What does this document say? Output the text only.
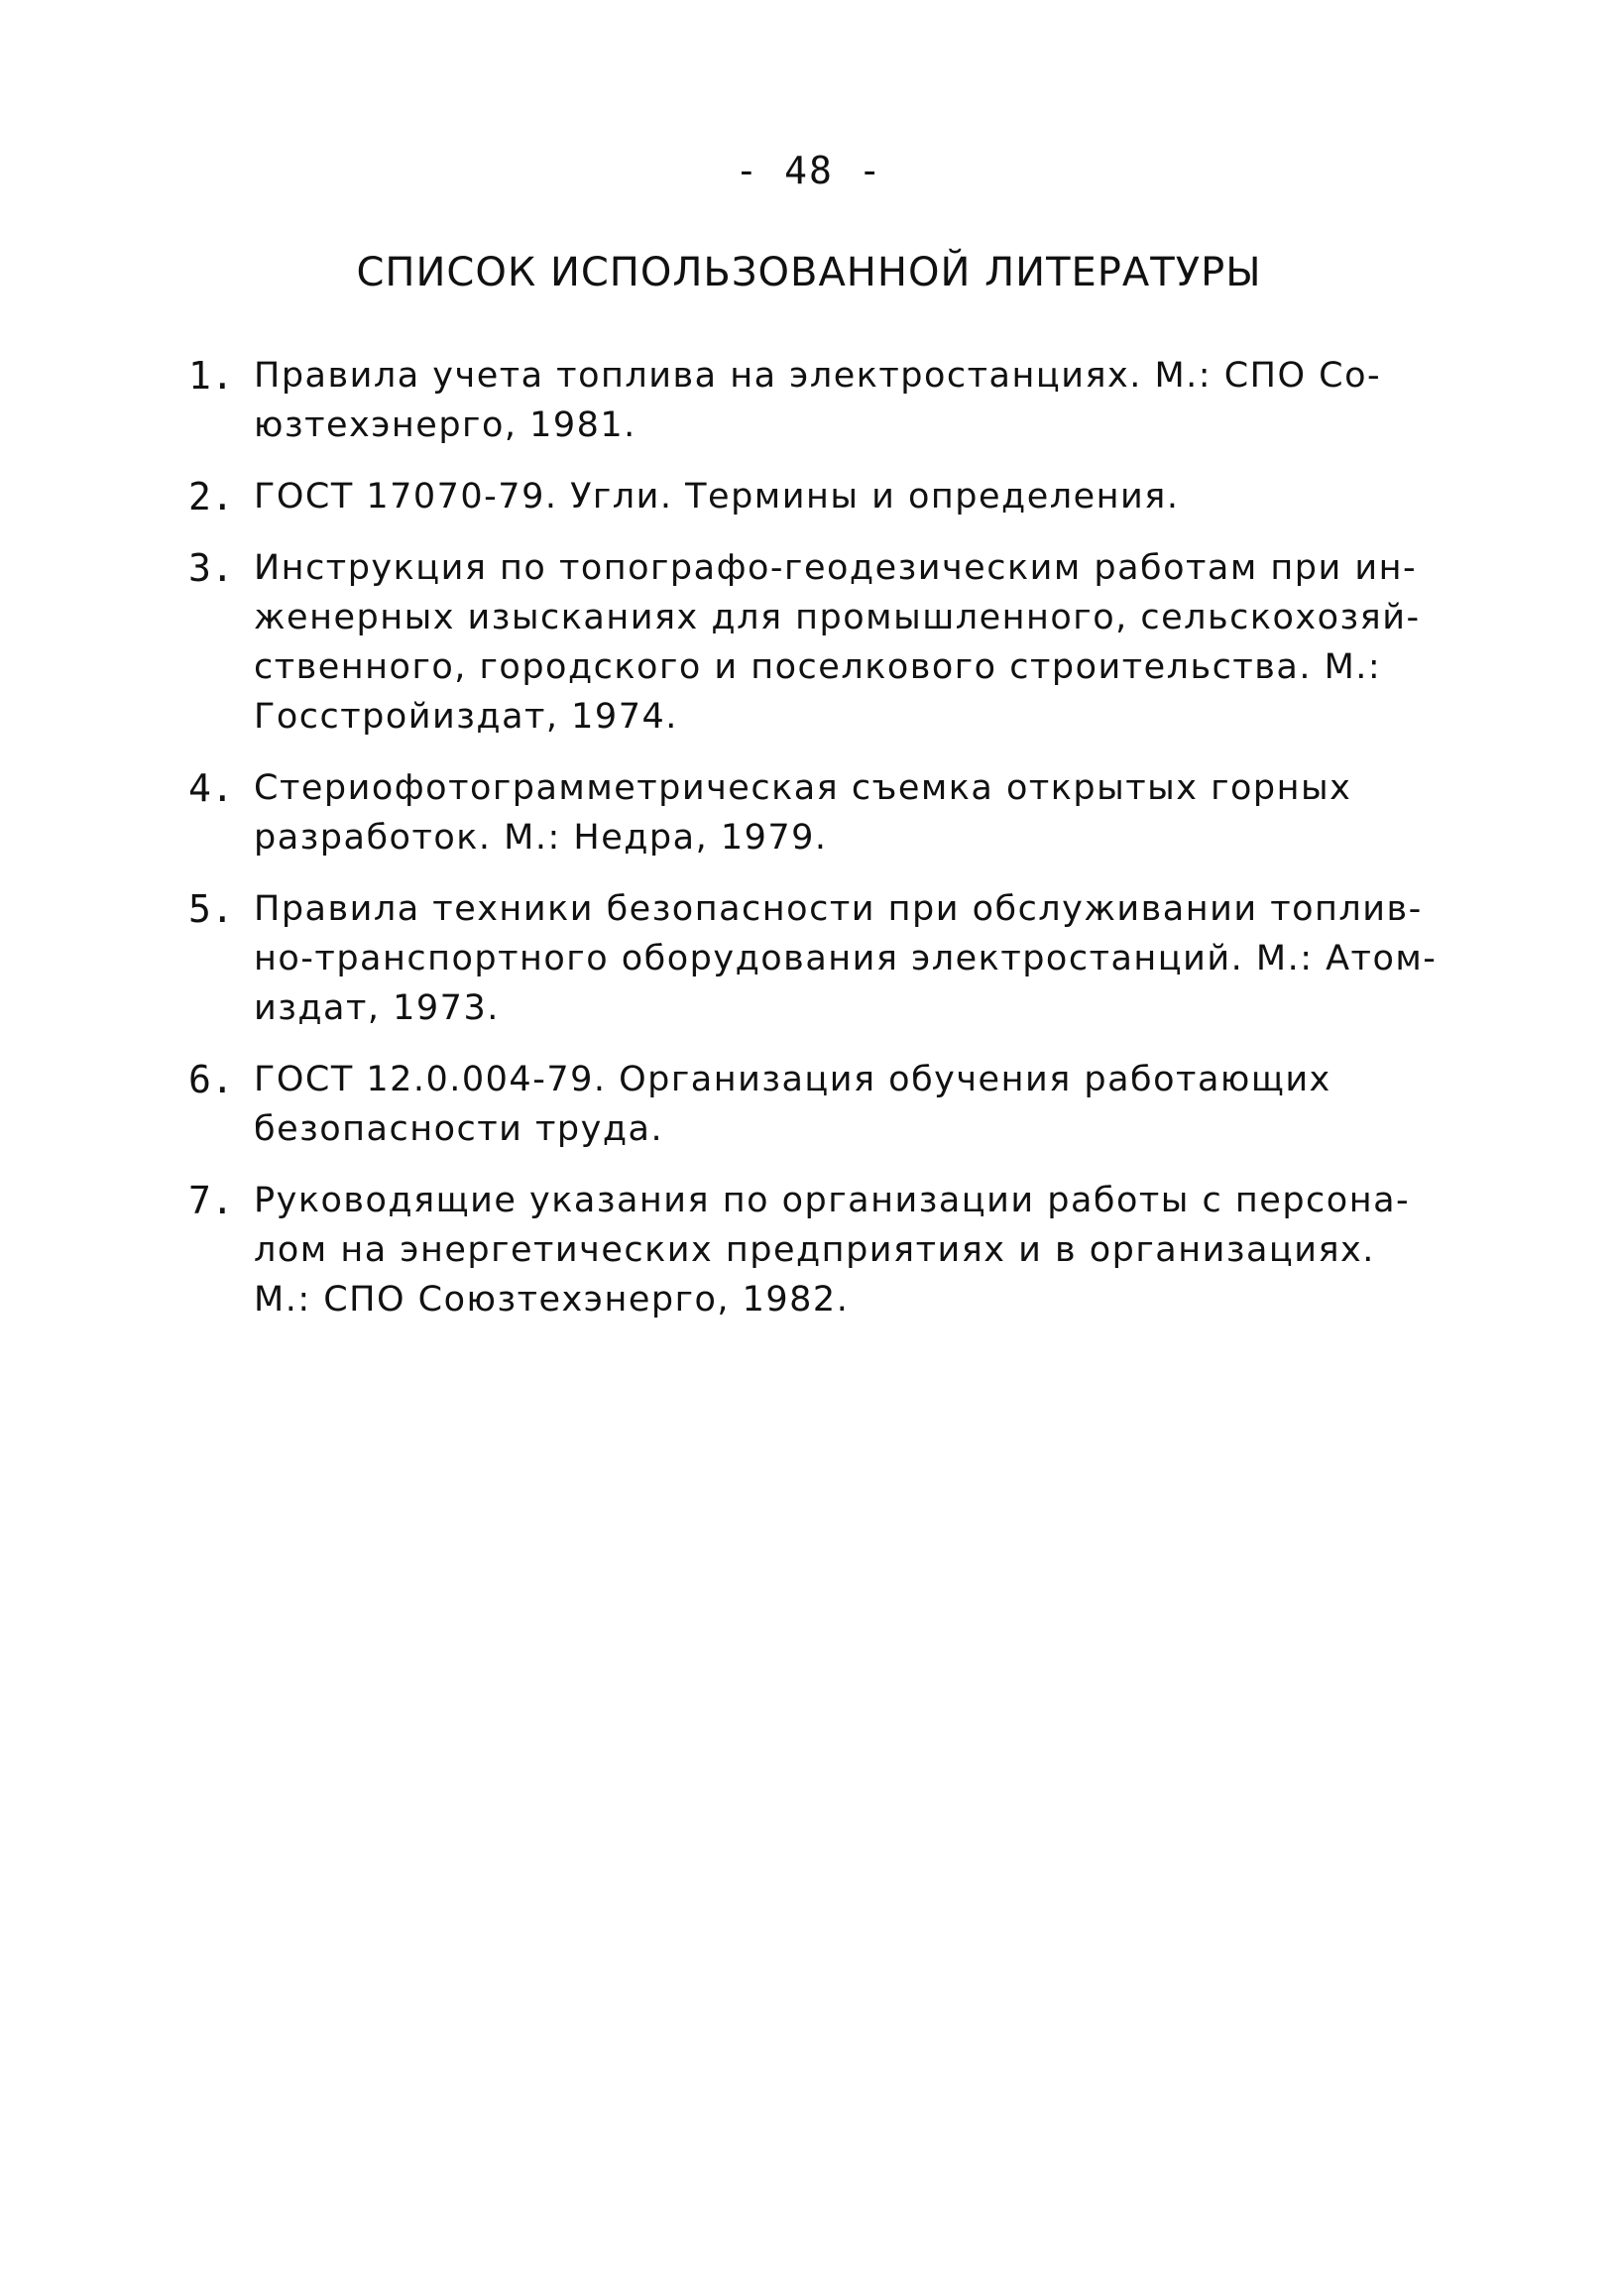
- 48 -
СПИСОК ИСПОЛЬЗОВАННОЙ ЛИТЕРАТУРЫ
1. Правила учета топлива на электростанциях. М.: СПО Со-
юзтехэнерго, 1981.
2. ГОСТ 17070-79. Угли. Термины и определения.
3. Инструкция по топографо-геодезическим работам при ин-
женерных изысканиях для промышленного, сельскохозяй-
ственного, городского и поселкового строительства. М.:
Госстройиздат, 1974.
4. Стериофотограмметрическая съемка открытых горных
разработок. М.: Недра, 1979.
5. Правила техники безопасности при обслуживании топлив-
но-транспортного оборудования электростанций. М.: Атом-
издат, 1973.
6. ГОСТ 12.0.004-79. Организация обучения работающих
безопасности труда.
7. Руководящие указания по организации работы с персона-
лом на энергетических предприятиях и в организациях.
М.: СПО Союзтехэнерго, 1982.
